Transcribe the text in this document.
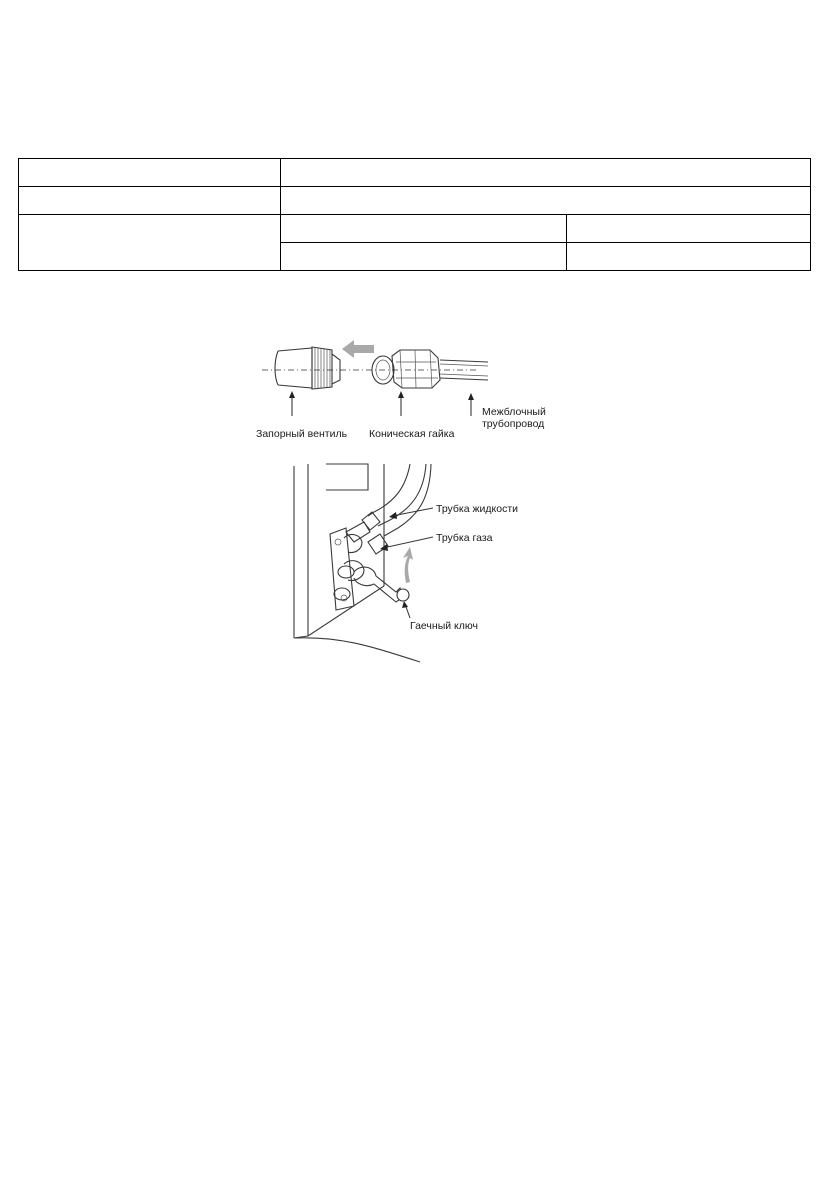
Запорный вентиль Коническая гайка
Межблочный
трубопровод
Трубка жидкости
Трубка газа
Гаечный ключ
